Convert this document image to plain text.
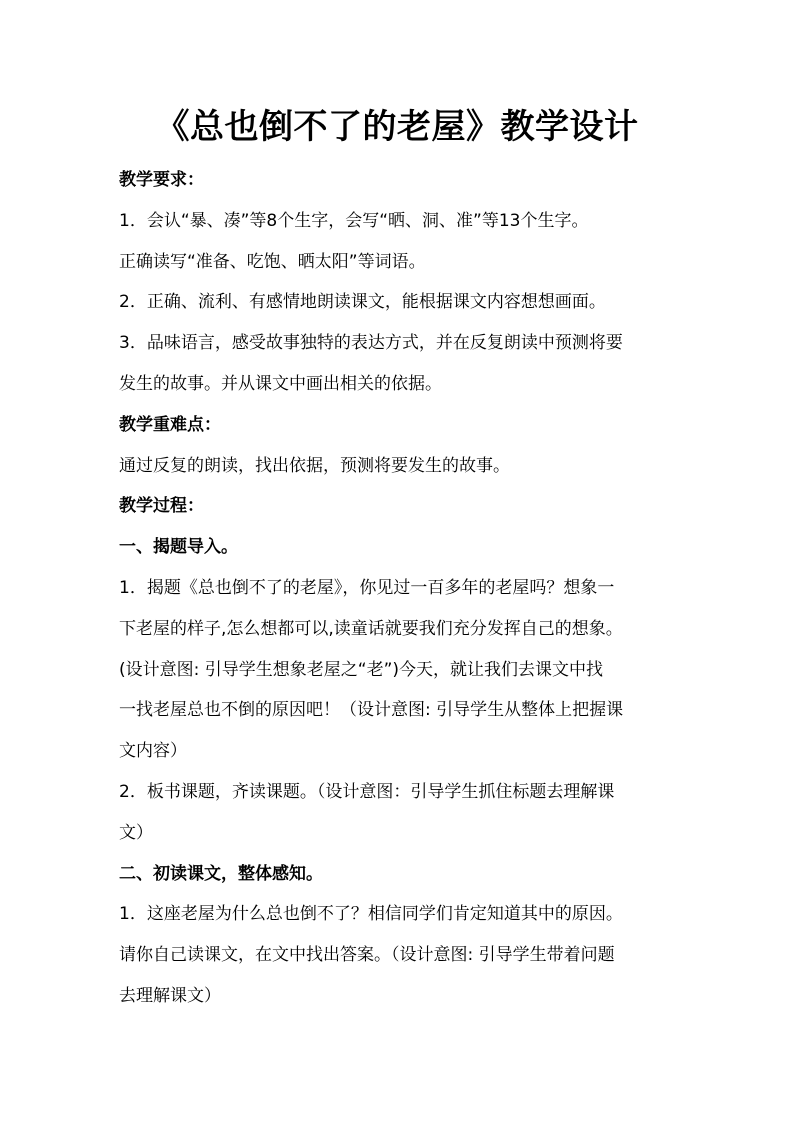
《总也倒不了的老屋》教学设计
教学要求：
1．会认“暴、凑”等8个生字，会写“晒、洞、准”等13个生字。
正确读写“准备、吃饱、晒太阳”等词语。
2．正确、流利、有感情地朗读课文，能根据课文内容想想画面。
3．品味语言，感受故事独特的表达方式，并在反复朗读中预测将要
发生的故事。并从课文中画出相关的依据。
教学重难点：
通过反复的朗读，找出依据，预测将要发生的故事。
教学过程：
一、揭题导入。
1．揭题《总也倒不了的老屋》，你见过一百多年的老屋吗？想象一
下老屋的样子,怎么想都可以,读童话就要我们充分发挥自己的想象。
(设计意图: 引导学生想象老屋之“老”)今天，就让我们去课文中找
一找老屋总也不倒的原因吧！（设计意图: 引导学生从整体上把握课
文内容）
2．板书课题，齐读课题。（设计意图：引导学生抓住标题去理解课
文）
二、初读课文，整体感知。
1．这座老屋为什么总也倒不了？相信同学们肯定知道其中的原因。
请你自己读课文，在文中找出答案。（设计意图: 引导学生带着问题
去理解课文）
